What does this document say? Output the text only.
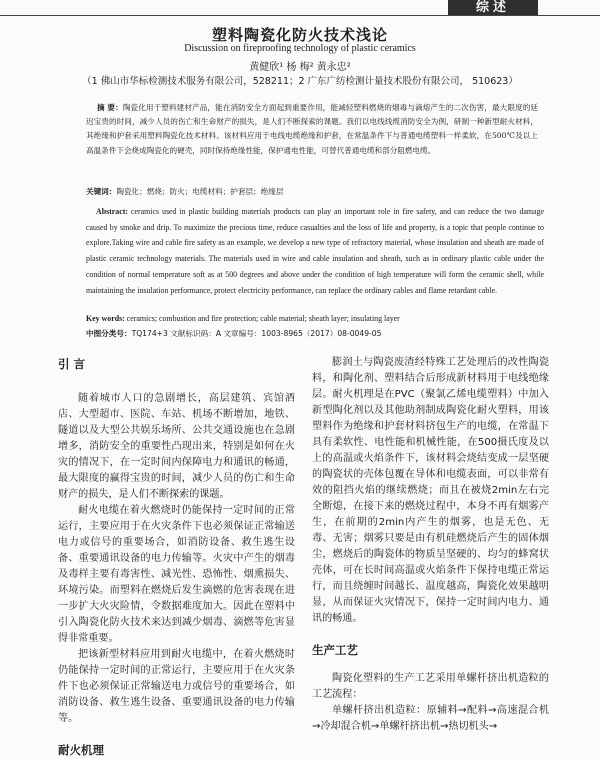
综述
塑料陶瓷化防火技术浅论
Discussion on fireproofing technology of plastic ceramics
黄健欣¹ 杨 梅² 黄永忠²
（1 佛山市华标检测技术服务有限公司，528211；2 广东广纺检测计量技术股份有限公司， 510623）
摘 要：陶瓷化用于塑料建材产品，能在消防安全方面起到重要作用，能减轻塑料燃烧的烟毒与滴熔产生的二次伤害，最大限度的延迟宝贵的时间，减少人员的伤亡和生命财产的损失，是人们不断探索的课题。我们以电线线缆消防安全为例，研制一种新型耐火材料，其绝缘和护套采用塑料陶瓷化技术材料。该材料应用于电线电缆绝缘和护套，在常温条件下与普通电缆塑料一样柔软，在500℃及以上高温条件下会烧成陶瓷化的硬壳，同时保持绝缘性能，保护通电性能，可替代普通电缆和部分阻燃电缆。
关键词：陶瓷化；燃烧；防火；电缆材料；护套层；绝缘层
Abstract: ceramics used in plastic building materials products can play an important role in fire safety, and can reduce the two damage caused by smoke and drip. To maximize the precious time, reduce casualties and the loss of life and property, is a topic that people continue to explore.Taking wire and cable fire safety as an example, we develop a new type of refractory material, whose insulation and sheath are made of plastic ceramic technology materials. The materials used in wire and cable insulation and sheath, such as in ordinary plastic cable under the condition of normal temperature soft as at 500 degrees and above under the condition of high temperature will form the ceramic shell, while maintaining the insulation performance, protect electricity performance, can replace the ordinary cables and flame retardant cable.
Key words: ceramics; combustion and fire protection; cable material; sheath layer; insulating layer
中图分类号：TQ174+3 文献标识码：A 文章编号：1003-8965（2017）08-0049-05
引 言

随着城市人口的急剧增长，高层建筑、宾馆酒店、大型超市、医院、车站、机场不断增加，地铁、隧道以及大型公共娱乐场所、公共交通设施也在急剧增多，消防安全的重要性凸现出来，特别是如何在火灾的情况下，在一定时间内保障电力和通讯的畅通，最大限度的赢得宝贵的时间，减少人员的伤亡和生命财产的损失，是人们不断探索的课题。

耐火电缆在着火燃烧时仍能保持一定时间的正常运行，主要应用于在火灾条件下也必须保证正常输送电力或信号的重要场合，如消防设备、救生逃生设备、重要通讯设备的电力传输等。火灾中产生的烟毒及毒样主要有毒害性、减光性、恐怖性、烟熏损失、环境污染。而塑料在燃烧后发生滴燃的危害表现在进一步扩大火灾险情，令数据难度加大。因此在塑料中引入陶瓷化防火技术来达到减少烟毒、滴燃等危害显得非常重要。

把该新型材料应用到耐火电缆中，在着火燃烧时仍能保持一定时间的正常运行，主要应用于在火灾条件下也必须保证正常输送电力或信号的重要场合，如消防设备、救生逃生设备、重要通讯设备的电力传输等。

耐火机理

膨润土与陶瓷废渣经特殊工艺处理后的改性陶瓷料，和陶化剂、塑料结合后形成新材料用于电线绝缘层。耐火机理是在PVC（聚氯乙烯电缆塑料）中加入新型陶化剂以及其他助剂制成陶瓷化耐火塑料，用该塑料作为绝缘和护套材料挤包生产的电缆，在常温下具有柔软性、电性能和机械性能，在500摄氏度及以上的高温或火焰条件下，该材料会烧结变成一层坚硬的陶瓷状的壳体包覆在导体和电缆表面，可以非常有效的阻挡火焰的继续燃烧；而且在被烧2min左右完全断熄，在接下来的燃烧过程中，本身不再有烟雾产生，在前期的2min内产生的烟雾，也是无色、无毒、无害；烟雾只要是由有机硅燃烧后产生的固体烟尘，燃烧后的陶瓷体的物质呈坚硬的、均匀的蜂窝状壳体，可在长时间高温或火焰条件下保持电缆正常运行，而且绕缠时间越长、温度越高，陶瓷化效果越明显，从而保证火灾情况下，保持一定时间内电力、通讯的畅通。

生产工艺

陶瓷化塑料的生产工艺采用单螺杆挤出机造粒的工艺流程：

单螺杆挤出机造粒：原辅料→配料→高速混合机→冷却混合机→单螺杆挤出机→热切机头→
